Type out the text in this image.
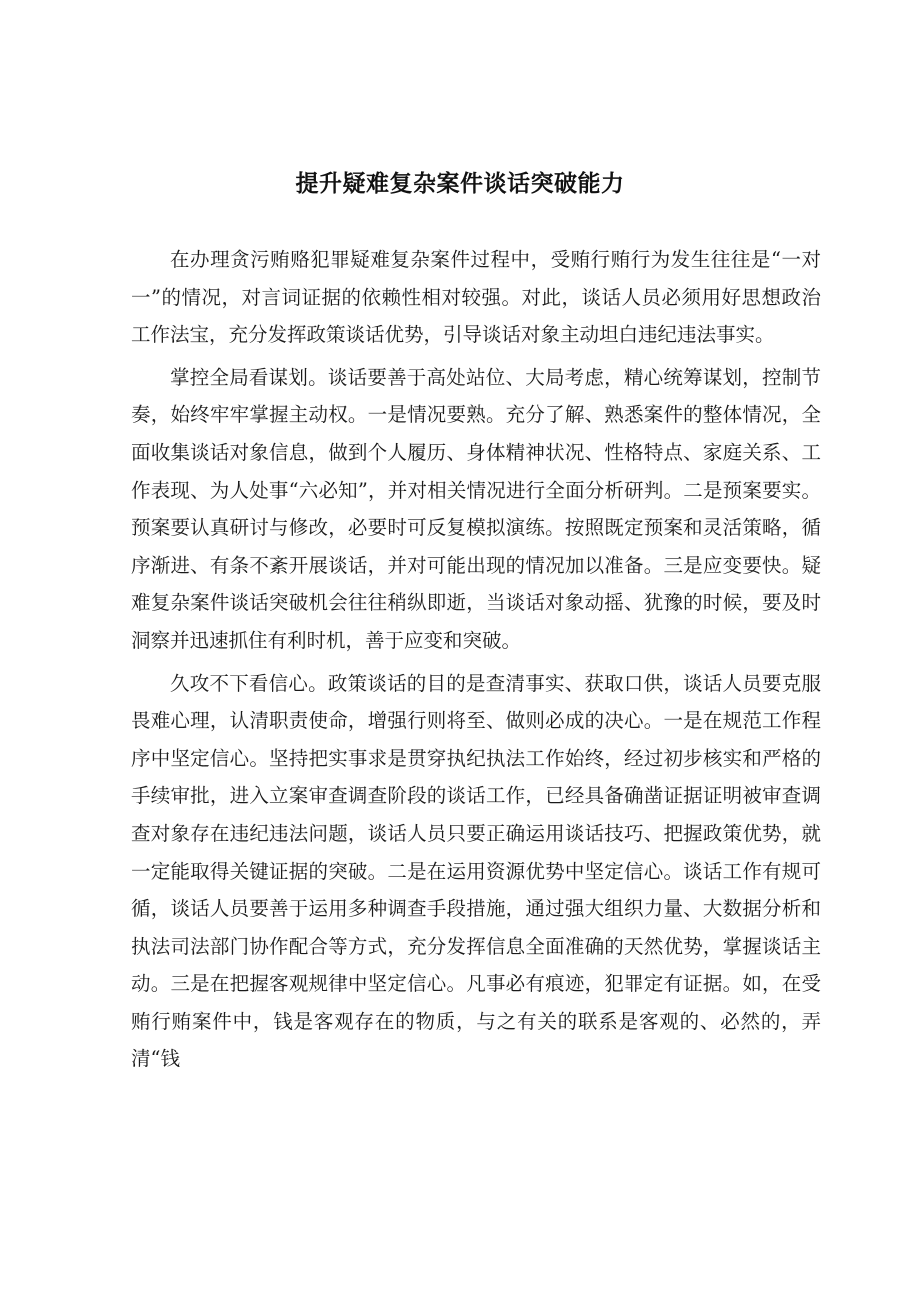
提升疑难复杂案件谈话突破能力

在办理贪污贿赂犯罪疑难复杂案件过程中，受贿行贿行为发生往往是“一对一”的情况，对言词证据的依赖性相对较强。对此，谈话人员必须用好思想政治工作法宝，充分发挥政策谈话优势，引导谈话对象主动坦白违纪违法事实。

掌控全局看谋划。谈话要善于高处站位、大局考虑，精心统筹谋划，控制节奏，始终牢牢掌握主动权。一是情况要熟。充分了解、熟悉案件的整体情况，全面收集谈话对象信息，做到个人履历、身体精神状况、性格特点、家庭关系、工作表现、为人处事“六必知”，并对相关情况进行全面分析研判。二是预案要实。预案要认真研讨与修改，必要时可反复模拟演练。按照既定预案和灵活策略，循序渐进、有条不紊开展谈话，并对可能出现的情况加以准备。三是应变要快。疑难复杂案件谈话突破机会往往稍纵即逝，当谈话对象动摇、犹豫的时候，要及时洞察并迅速抓住有利时机，善于应变和突破。

久攻不下看信心。政策谈话的目的是查清事实、获取口供，谈话人员要克服畏难心理，认清职责使命，增强行则将至、做则必成的决心。一是在规范工作程序中坚定信心。坚持把实事求是贯穿执纪执法工作始终，经过初步核实和严格的手续审批，进入立案审查调查阶段的谈话工作，已经具备确凿证据证明被审查调查对象存在违纪违法问题，谈话人员只要正确运用谈话技巧、把握政策优势，就一定能取得关键证据的突破。二是在运用资源优势中坚定信心。谈话工作有规可循，谈话人员要善于运用多种调查手段措施，通过强大组织力量、大数据分析和执法司法部门协作配合等方式，充分发挥信息全面准确的天然优势，掌握谈话主动。三是在把握客观规律中坚定信心。凡事必有痕迹，犯罪定有证据。如，在受贿行贿案件中，钱是客观存在的物质，与之有关的联系是客观的、必然的，弄清“钱
